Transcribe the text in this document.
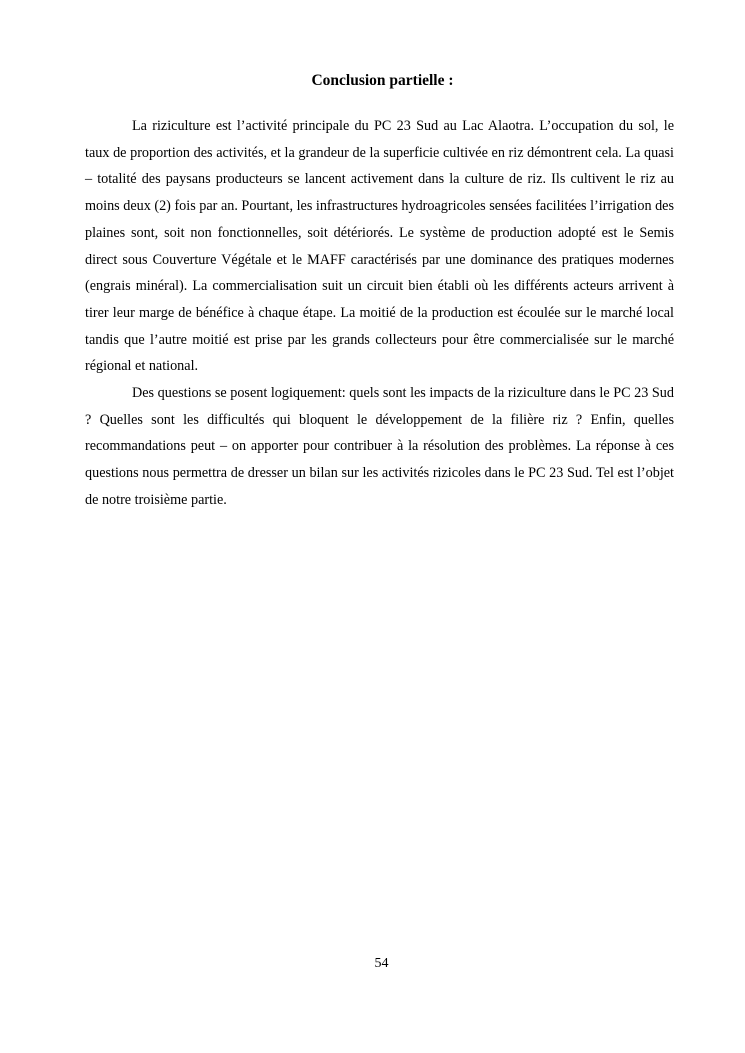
Conclusion partielle :

La riziculture est l’activité principale du PC 23 Sud au Lac Alaotra. L’occupation du sol, le taux de proportion des activités, et la grandeur de la superficie cultivée en riz démontrent cela. La quasi – totalité des paysans producteurs se lancent activement dans la culture de riz. Ils cultivent le riz au moins deux (2) fois par an. Pourtant, les infrastructures hydroagricoles sensées facilitées l’irrigation des plaines sont, soit non fonctionnelles, soit détériorés. Le système de production adopté est le Semis direct sous Couverture Végétale et le MAFF caractérisés par une dominance des pratiques modernes (engrais minéral). La commercialisation suit un circuit bien établi où les différents acteurs arrivent à tirer leur marge de bénéfice à chaque étape. La moitié de la production est écoulée sur le marché local tandis que l’autre moitié est prise par les grands collecteurs pour être commercialisée sur le marché régional et national.

Des questions se posent logiquement: quels sont les impacts de la riziculture dans le PC 23 Sud ? Quelles sont les difficultés qui bloquent le développement de la filière riz ? Enfin, quelles recommandations peut – on apporter pour contribuer à la résolution des problèmes. La réponse à ces questions nous permettra de dresser un bilan sur les activités rizicoles dans le PC 23 Sud. Tel est l’objet de notre troisième partie.

54
